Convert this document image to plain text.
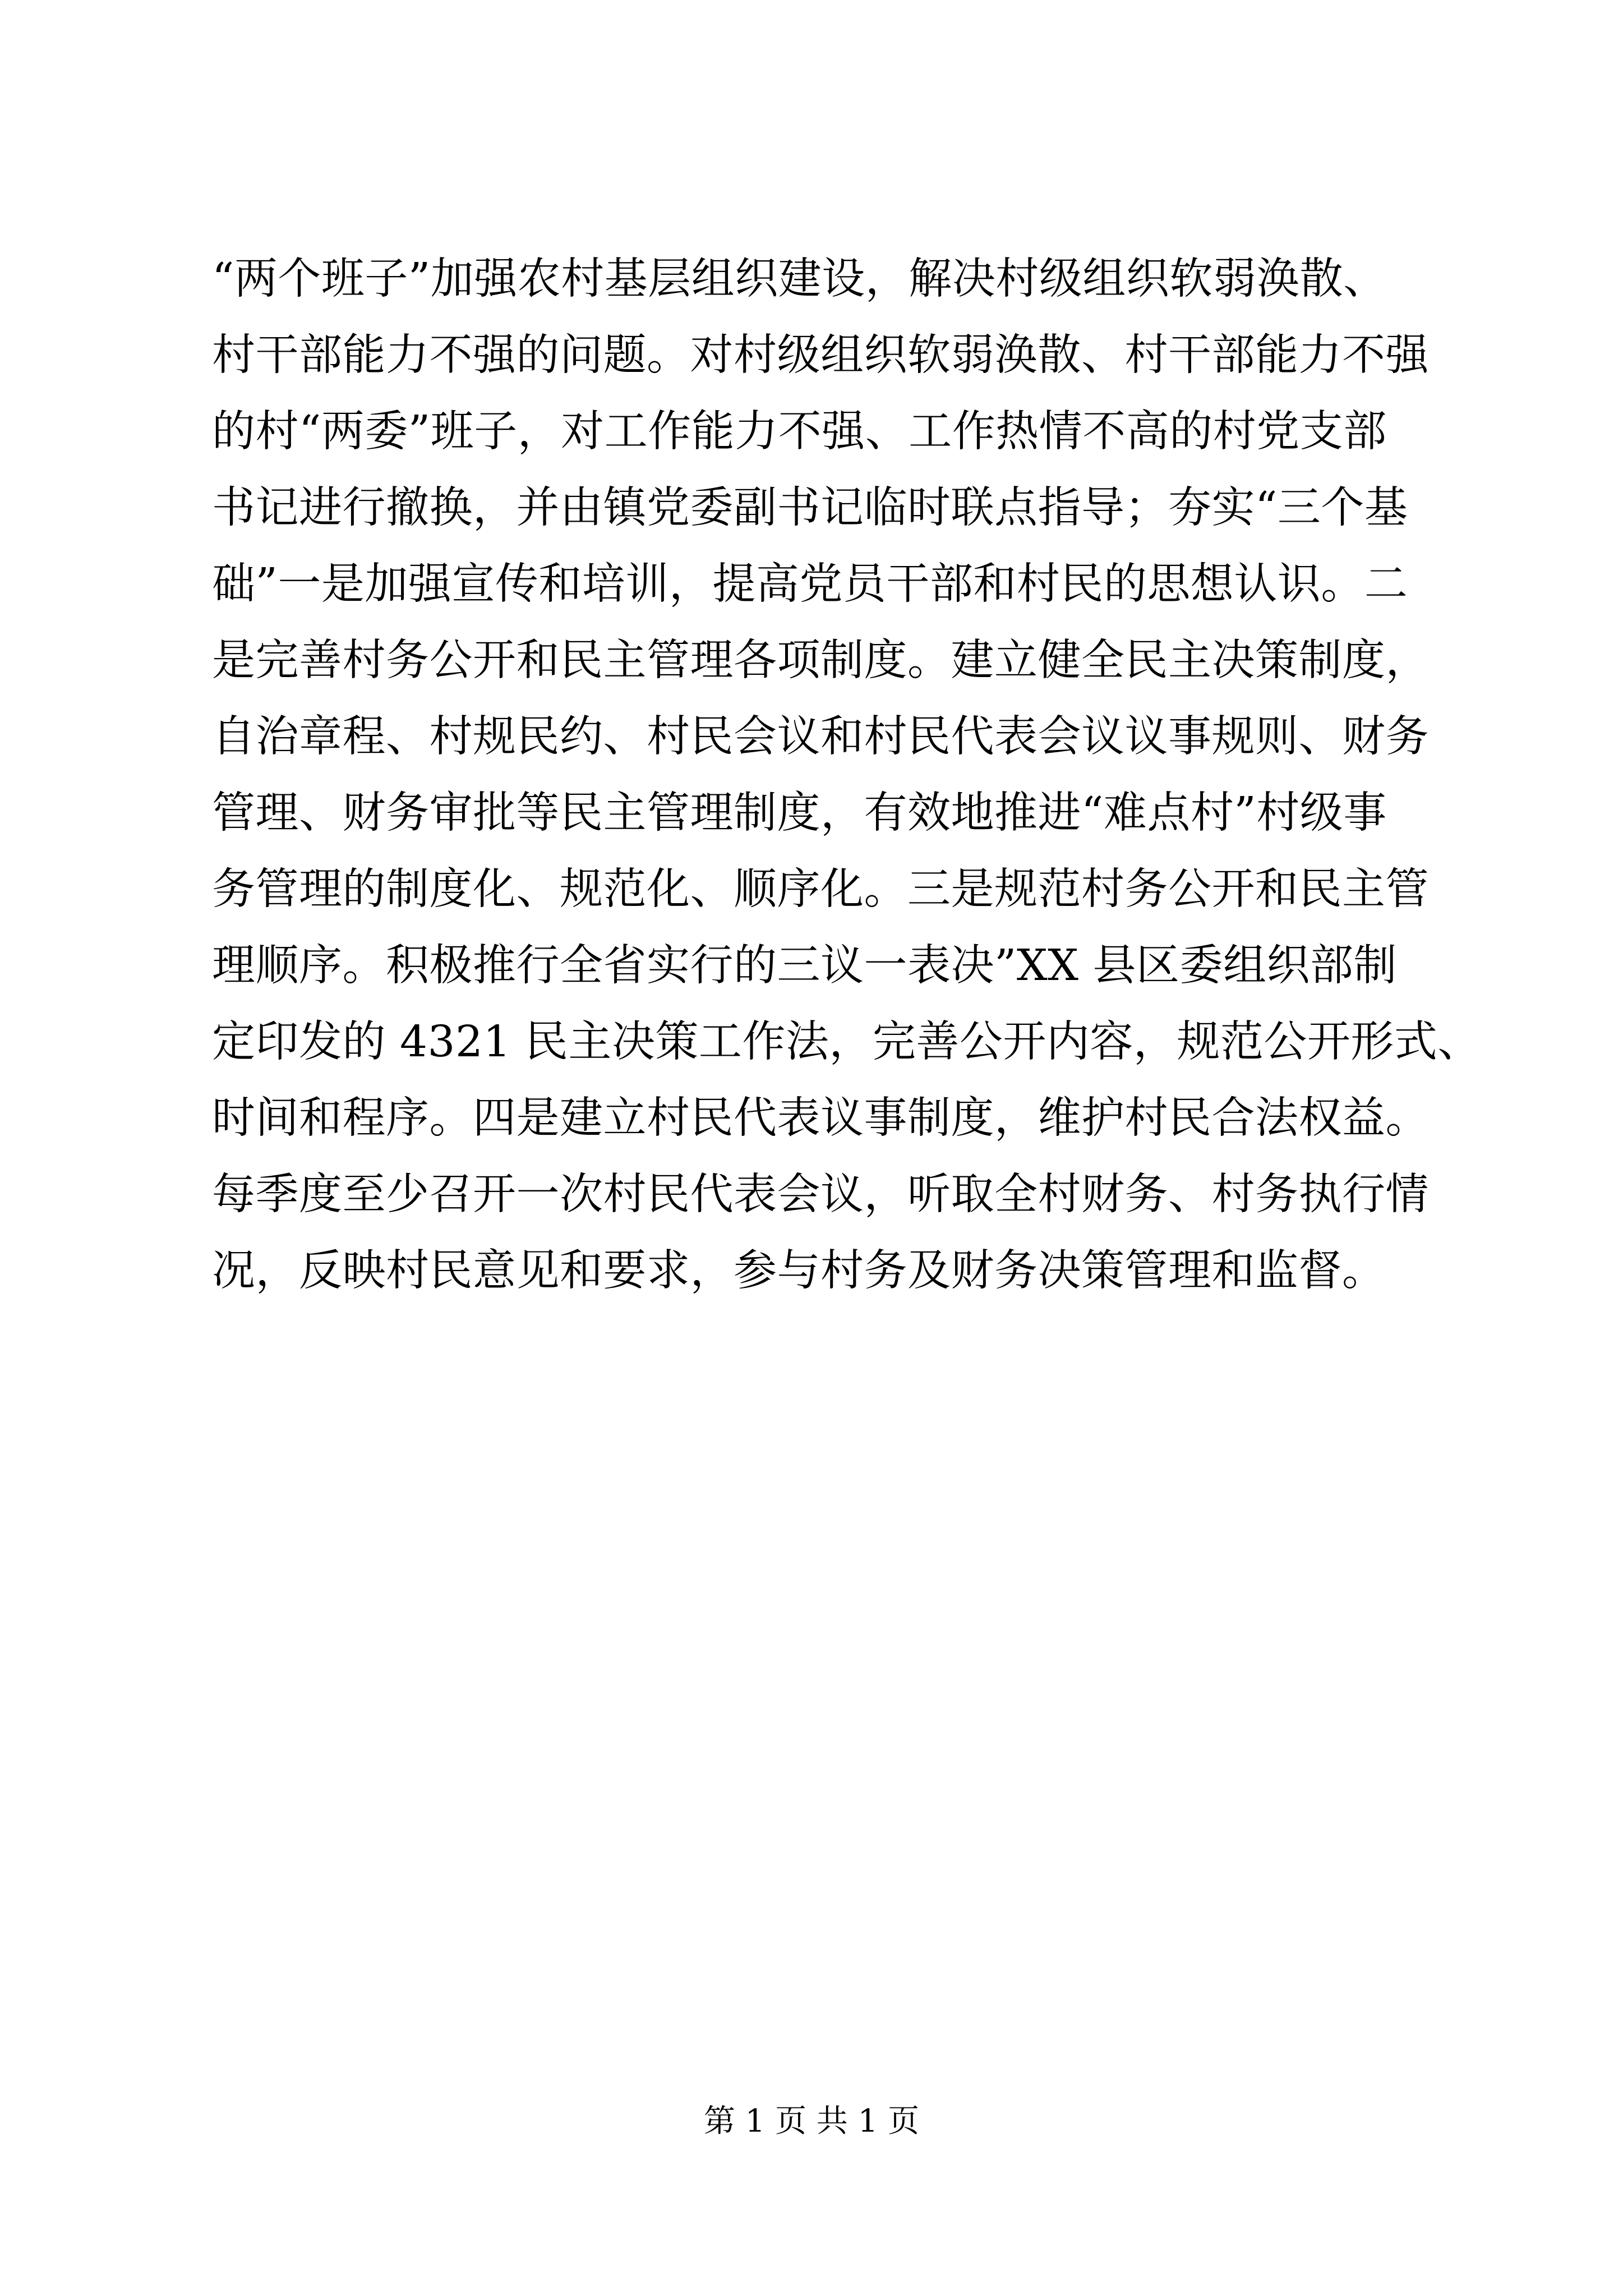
“两个班子”加强农村基层组织建设，解决村级组织软弱涣散、
村干部能力不强的问题。对村级组织软弱涣散、村干部能力不强
的村“两委”班子，对工作能力不强、工作热情不高的村党支部
书记进行撤换，并由镇党委副书记临时联点指导；夯实“三个基
础”一是加强宣传和培训，提高党员干部和村民的思想认识。二
是完善村务公开和民主管理各项制度。建立健全民主决策制度，
自治章程、村规民约、村民会议和村民代表会议议事规则、财务
管理、财务审批等民主管理制度，有效地推进“难点村”村级事
务管理的制度化、规范化、顺序化。三是规范村务公开和民主管
理顺序。积极推行全省实行的三议一表决”XX 县区委组织部制
定印发的 4321 民主决策工作法，完善公开内容，规范公开形式、
时间和程序。四是建立村民代表议事制度，维护村民合法权益。
每季度至少召开一次村民代表会议，听取全村财务、村务执行情
况，反映村民意见和要求，参与村务及财务决策管理和监督。
第 1 页 共 1 页
